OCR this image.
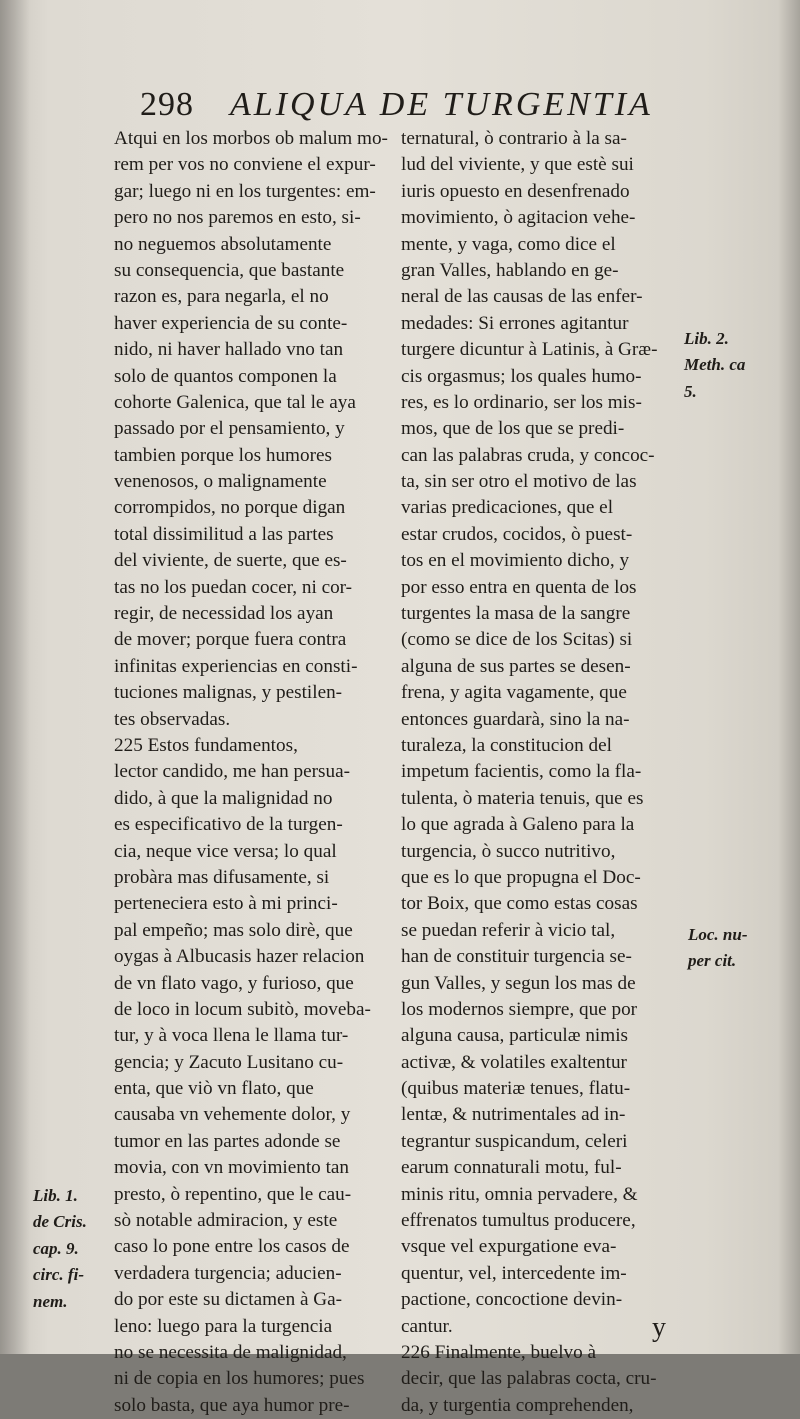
298 ALIQUA DE TURGENTIA
Atqui en los morbos ob malum mo-
rem per vos no conviene el expur-
gar; luego ni en los turgentes: em-
pero no nos paremos en esto, si-
no neguemos absolutamente
su consequencia, que bastante
razon es, para negarla, el no
haver experiencia de su conte-
nido, ni haver hallado vno tan
solo de quantos componen la
cohorte Galenica, que tal le aya
passado por el pensamiento, y
tambien porque los humores
venenosos, o malignamente
corrompidos, no porque digan
total dissimilitud a las partes
del viviente, de suerte, que es-
tas no los puedan cocer, ni cor-
regir, de necessidad los ayan
de mover; porque fuera contra
infinitas experiencias en consti-
tuciones malignas, y pestilen-
tes observadas.
225 Estos fundamentos,
lector candido, me han persua-
dido, à que la malignidad no
es especificativo de la turgen-
cia, neque vice versa; lo qual
probàra mas difusamente, si
perteneciera esto à mi princi-
pal empeño; mas solo dirè, que
oygas à Albucasis hazer relacion
de vn flato vago, y furioso, que
de loco in locum subitò, moveba-
tur, y à voca llena le llama tur-
gencia; y Zacuto Lusitano cu-
enta, que viò vn flato, que
causaba vn vehemente dolor, y
tumor en las partes adonde se
movia, con vn movimiento tan
presto, ò repentino, que le cau-
sò notable admiracion, y este
caso lo pone entre los casos de
verdadera turgencia; aducien-
do por este su dictamen à Ga-
leno: luego para la turgencia
no se necessita de malignidad,
ni de copia en los humores; pues
solo basta, que aya humor pre-
ternatural, ò contrario à la sa-
lud del viviente, y que estè sui
iuris opuesto en desenfrenado
movimiento, ò agitacion vehe-
mente, y vaga, como dice el
gran Valles, hablando en ge-
neral de las causas de las enfer-
medades: Si errones agitantur
turgere dicuntur à Latinis, à Græ-
cis orgasmus; los quales humo-
res, es lo ordinario, ser los mis-
mos, que de los que se predi-
can las palabras cruda, y concoc-
ta, sin ser otro el motivo de las
varias predicaciones, que el
estar crudos, cocidos, ò puest-
tos en el movimiento dicho, y
por esso entra en quenta de los
turgentes la masa de la sangre
(como se dice de los Scitas) si
alguna de sus partes se desen-
frena, y agita vagamente, que
entonces guardarà, sino la na-
turaleza, la constitucion del
impetum facientis, como la fla-
tulenta, ò materia tenuis, que es
lo que agrada à Galeno para la
turgencia, ò succo nutritivo,
que es lo que propugna el Doc-
tor Boix, que como estas cosas
se puedan referir à vicio tal,
han de constituir turgencia se-
gun Valles, y segun los mas de
los modernos siempre, que por
alguna causa, particulæ nimis
activæ, & volatiles exaltentur
(quibus materiæ tenues, flatu-
lentæ, & nutrimentales ad in-
tegrantur suspicandum, celeri
earum connaturali motu, ful-
minis ritu, omnia pervadere, &
effrenatos tumultus producere,
vsque vel expurgatione eva-
quentur, vel, intercedente im-
pactione, concoctione devin-
cantur.
226 Finalmente, buelvo à
decir, que las palabras cocta, cru-
da, y turgentia comprehenden,
Lib. 2.
Meth. ca
5.
Loc. nu-
per cit.
Lib. 1.
de Cris.
cap. 9.
circ. fi-
nem.
y
